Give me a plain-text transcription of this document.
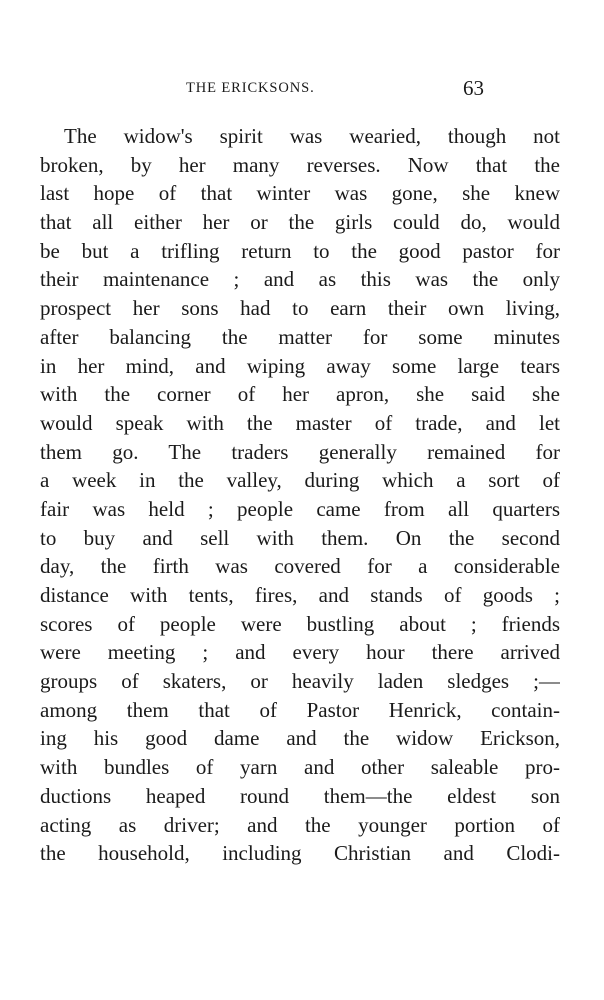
THE ERICKSONS.	63
The widow's spirit was wearied, though not
broken, by her many reverses. Now that the
last hope of that winter was gone, she knew
that all either her or the girls could do, would
be but a trifling return to the good pastor for
their maintenance ; and as this was the only
prospect her sons had to earn their own living,
after balancing the matter for some minutes
in her mind, and wiping away some large tears
with the corner of her apron, she said she
would speak with the master of trade, and let
them go. The traders generally remained for
a week in the valley, during which a sort of
fair was held ; people came from all quarters
to buy and sell with them. On the second
day, the firth was covered for a considerable
distance with tents, fires, and stands of goods ;
scores of people were bustling about ; friends
were meeting ; and every hour there arrived
groups of skaters, or heavily laden sledges ;—
among them that of Pastor Henrick, contain-
ing his good dame and the widow Erickson,
with bundles of yarn and other saleable pro-
ductions heaped round them—the eldest son
acting as driver; and the younger portion of
the household, including Christian and Clodi-
